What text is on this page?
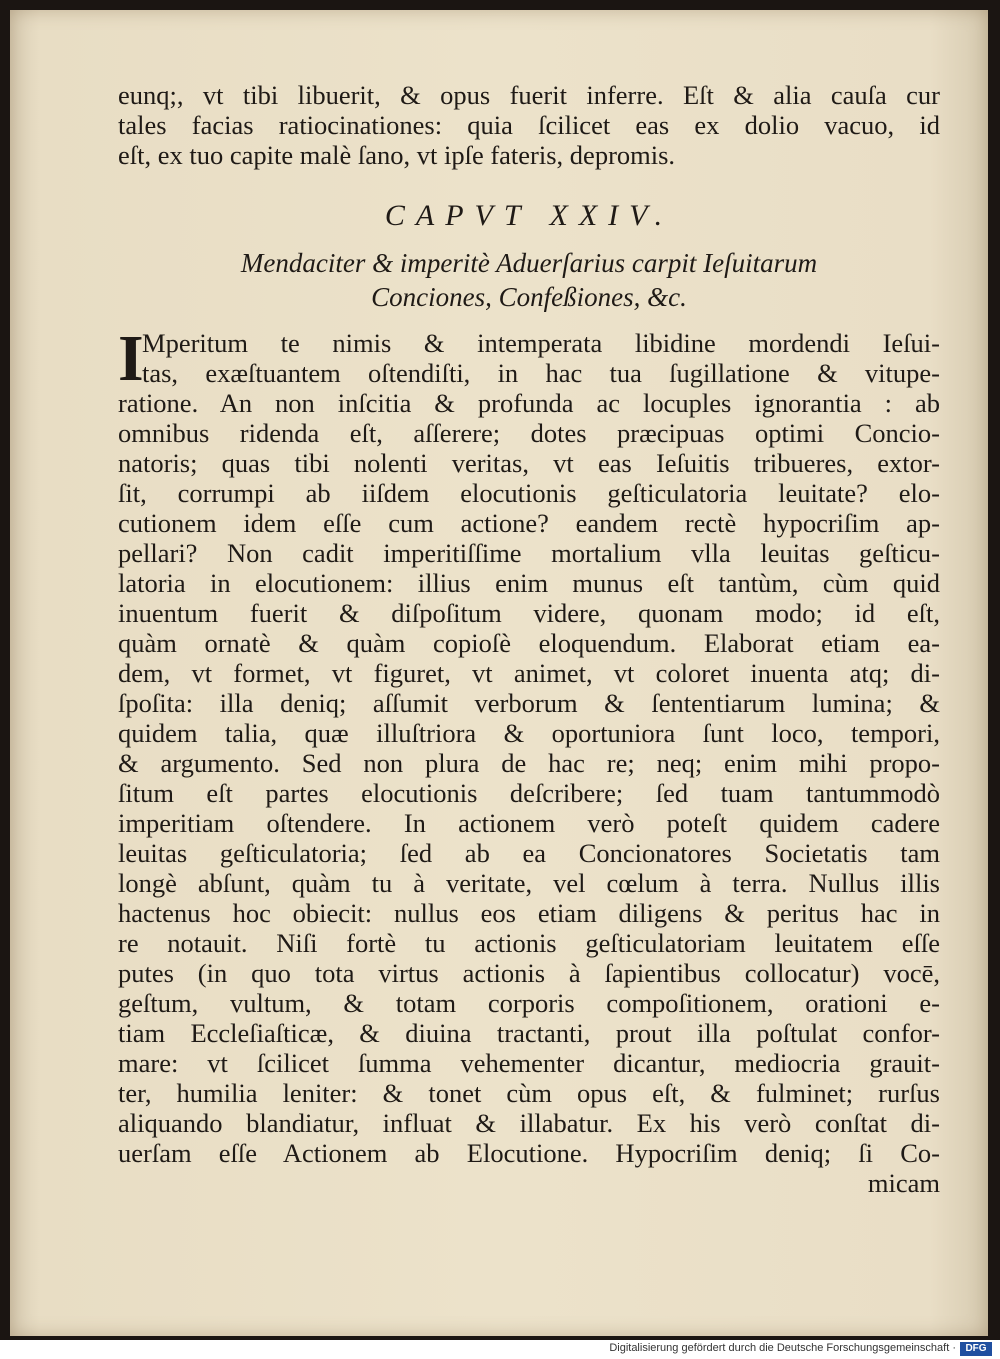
eunq;, vt tibi libuerit, & opus fuerit inferre. Eſt & alia cauſa cur
tales facias ratiocinationes: quia ſcilicet eas ex dolio vacuo, id
eſt, ex tuo capite malè ſano, vt ipſe fateris, depromis.
CAPVT XXIV.
Mendaciter & imperitè Aduerſarius carpit Ieſuitarum
Conciones, Confeßiones, &c.
I
Mperitum te nimis & intemperata libidine mordendi Ieſui-
tas, exæſtuantem oſtendiſti, in hac tua ſugillatione & vitupe-
ratione. An non inſcitia & profunda ac locuples ignorantia : ab
omnibus ridenda eſt, aſſerere; dotes præcipuas optimi Concio-
natoris; quas tibi nolenti veritas, vt eas Ieſuitis tribueres, extor-
ſit, corrumpi ab iiſdem elocutionis geſticulatoria leuitate? elo-
cutionem idem eſſe cum actione? eandem rectè hypocriſim ap-
pellari? Non cadit imperitiſſime mortalium vlla leuitas geſticu-
latoria in elocutionem: illius enim munus eſt tantùm, cùm quid
inuentum fuerit & diſpoſitum videre, quonam modo; id eſt,
quàm ornatè & quàm copioſè eloquendum. Elaborat etiam ea-
dem, vt formet, vt figuret, vt animet, vt coloret inuenta atq; di-
ſpoſita: illa deniq; aſſumit verborum & ſententiarum lumina; &
quidem talia, quæ illuſtriora & oportuniora ſunt loco, tempori,
& argumento. Sed non plura de hac re; neq; enim mihi propo-
ſitum eſt partes elocutionis deſcribere; ſed tuam tantummodò
imperitiam oſtendere. In actionem verò poteſt quidem cadere
leuitas geſticulatoria; ſed ab ea Concionatores Societatis tam
longè abſunt, quàm tu à veritate, vel cœlum à terra. Nullus illis
hactenus hoc obiecit: nullus eos etiam diligens & peritus hac in
re notauit. Niſi fortè tu actionis geſticulatoriam leuitatem eſſe
putes (in quo tota virtus actionis à ſapientibus collocatur) vocē,
geſtum, vultum, & totam corporis compoſitionem, orationi e-
tiam Eccleſiaſticæ, & diuina tractanti, prout illa poſtulat confor-
mare: vt ſcilicet ſumma vehementer dicantur, mediocria grauit-
ter, humilia leniter: & tonet cùm opus eſt, & fulminet; rurſus
aliquando blandiatur, influat & illabatur. Ex his verò conſtat di-
uerſam eſſe Actionem ab Elocutione. Hypocriſim deniq; ſi Co-
micam
Digitalisierung gefördert durch die Deutsche Forschungsgemeinschaft · DFG
